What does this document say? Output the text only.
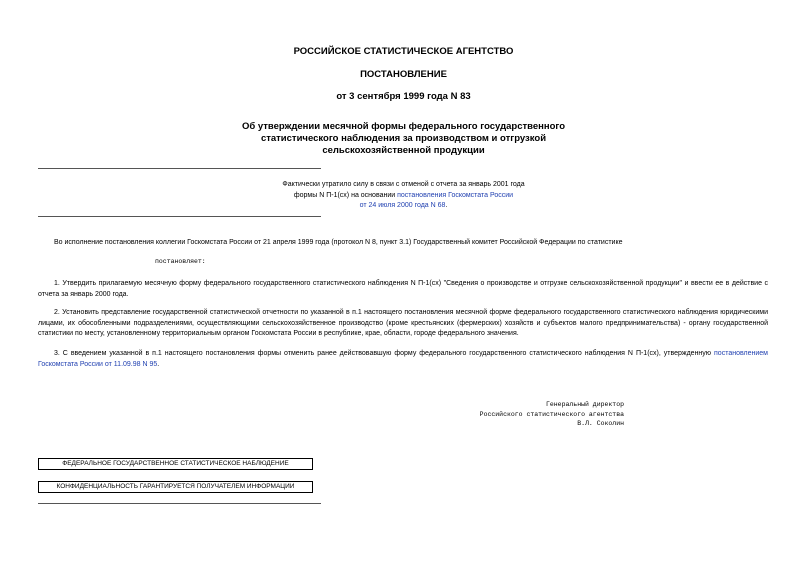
РОССИЙСКОЕ СТАТИСТИЧЕСКОЕ АГЕНТСТВО
ПОСТАНОВЛЕНИЕ
от 3 сентября 1999 года N 83
Об утверждении месячной формы федерального государственного
статистического наблюдения за производством и отгрузкой
сельскохозяйственной продукции
Фактически утратило силу в связи с отменой с отчета за январь 2001 года
формы N П-1(сх) на основании постановления Госкомстата России
от 24 июля 2000 года N 68.
Во исполнение постановления коллегии Госкомстата России от 21 апреля 1999 года (протокол N 8, пункт 3.1) Государственный комитет Российской Федерации по статистике
постановляет:
1. Утвердить прилагаемую месячную форму федерального государственного статистического наблюдения N П-1(сх) "Сведения о производстве и отгрузке сельскохозяйственной продукции" и ввести ее в действие с отчета за январь 2000 года.
2. Установить представление государственной статистической отчетности по указанной в п.1 настоящего постановления месячной форме федерального государственного статистического наблюдения юридическими лицами, их обособленными подразделениями, осуществляющими сельскохозяйственное производство (кроме крестьянских (фермерских) хозяйств и субъектов малого предпринимательства) - органу государственной статистики по месту, установленному территориальным органом Госкомстата России в республике, крае, области, городе федерального значения.
3. С введением указанной в п.1 настоящего постановления формы отменить ранее действовавшую форму федерального государственного статистического наблюдения N П-1(сх), утвержденную постановлением Госкомстата России от 11.09.98 N 95.
Генеральный директор
Российского статистического агентства
В.Л. Соколин
ФЕДЕРАЛЬНОЕ ГОСУДАРСТВЕННОЕ СТАТИСТИЧЕСКОЕ НАБЛЮДЕНИЕ
КОНФИДЕНЦИАЛЬНОСТЬ ГАРАНТИРУЕТСЯ ПОЛУЧАТЕЛЕМ ИНФОРМАЦИИ
